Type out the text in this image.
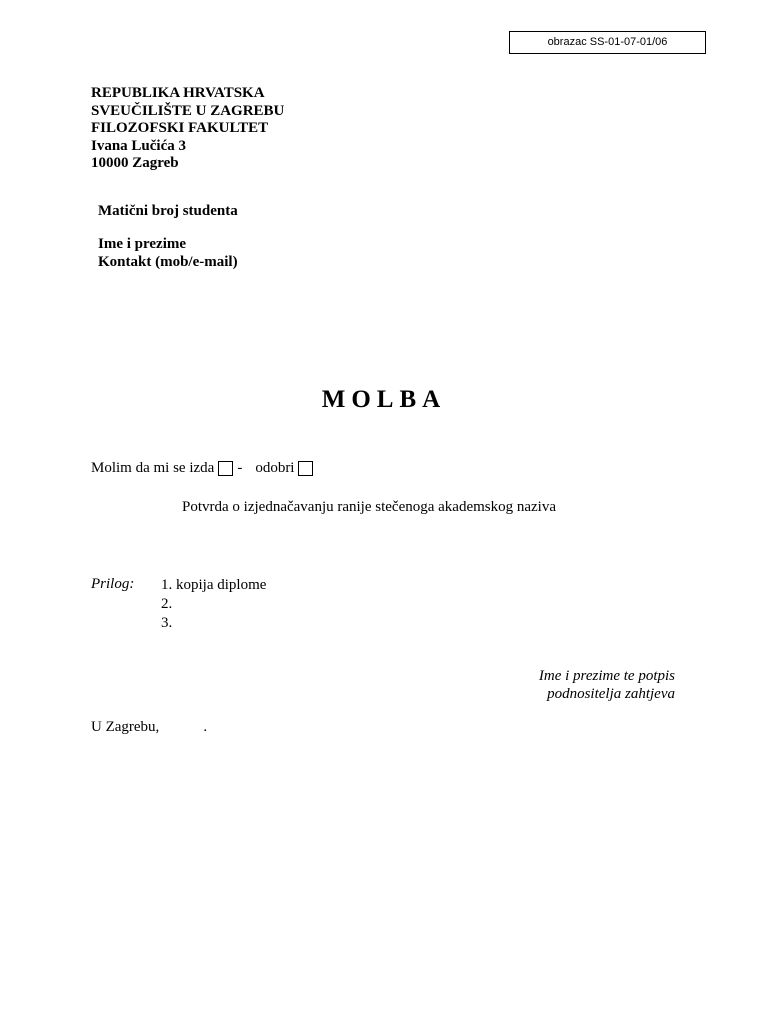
obrazac SS-01-07-01/06
REPUBLIKA HRVATSKA
SVEUČILIŠTE U ZAGREBU
FILOZOFSKI FAKULTET
Ivana Lučića 3
10000 Zagreb
Matični broj studenta
Ime i prezime
Kontakt (mob/e-mail)
MOLBA
Molim da mi se izda - odobri
Potvrda o izjednačavanju ranije stečenoga akademskog naziva
Prilog: 1. kopija diplome
2.
3.
Ime i prezime te potpis
podnositelja zahtjeva
U Zagrebu,	.
